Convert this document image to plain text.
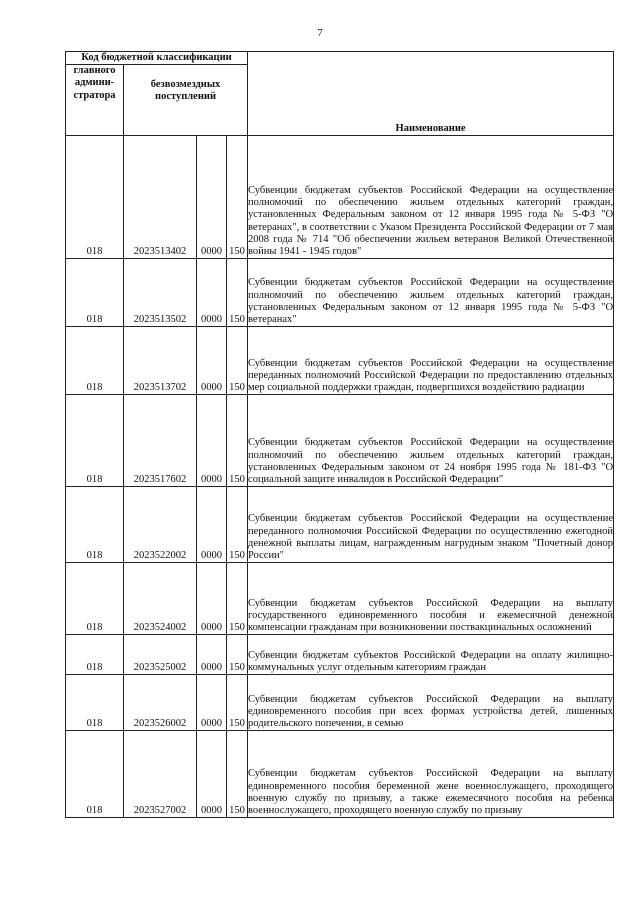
7
Код бюджетной классификации				Наименование
главного админи-стратора	безвозмездных поступлений			
018	2023513402	0000	150	Субвенции бюджетам субъектов Российской Федерации на осуществление полномочий по обеспечению жильем отдельных категорий граждан, установленных Федеральным законом от 12 января 1995 года № 5-ФЗ "О ветеранах", в соответствии с Указом Президента Российской Федерации от 7 мая 2008 года № 714 "Об обеспечении жильем ветеранов Великой Отечественной войны 1941 - 1945 годов"
018	2023513502	0000	150	Субвенции бюджетам субъектов Российской Федерации на осуществление полномочий по обеспечению жильем отдельных категорий граждан, установленных Федеральным законом от 12 января 1995 года № 5-ФЗ "О ветеранах"
018	2023513702	0000	150	Субвенции бюджетам субъектов Российской Федерации на осуществление переданных полномочий Российской Федерации по предоставлению отдельных мер социальной поддержки граждан, подвергшихся воздействию радиации
018	2023517602	0000	150	Субвенции бюджетам субъектов Российской Федерации на осуществление полномочий по обеспечению жильем отдельных категорий граждан, установленных Федеральным законом от 24 ноября 1995 года № 181-ФЗ "О социальной защите инвалидов в Российской Федерации"
018	2023522002	0000	150	Субвенции бюджетам субъектов Российской Федерации на осуществление переданного полномочия Российской Федерации по осуществлению ежегодной денежной выплаты лицам, награжденным нагрудным знаком "Почетный донор России"
018	2023524002	0000	150	Субвенции бюджетам субъектов Российской Федерации на выплату государственного единовременного пособия и ежемесячной денежной компенсации гражданам при возникновении поствакцинальных осложнений
018	2023525002	0000	150	Субвенции бюджетам субъектов Российской Федерации на оплату жилищно-коммунальных услуг отдельным категориям граждан
018	2023526002	0000	150	Субвенции бюджетам субъектов Российской Федерации на выплату единовременного пособия при всех формах устройства детей, лишенных родительского попечения, в семью
018	2023527002	0000	150	Субвенции бюджетам субъектов Российской Федерации на выплату единовременного пособия беременной жене военнослужащего, проходящего военную службу по призыву, а также ежемесячного пособия на ребенка военнослужащего, проходящего военную службу по призыву
